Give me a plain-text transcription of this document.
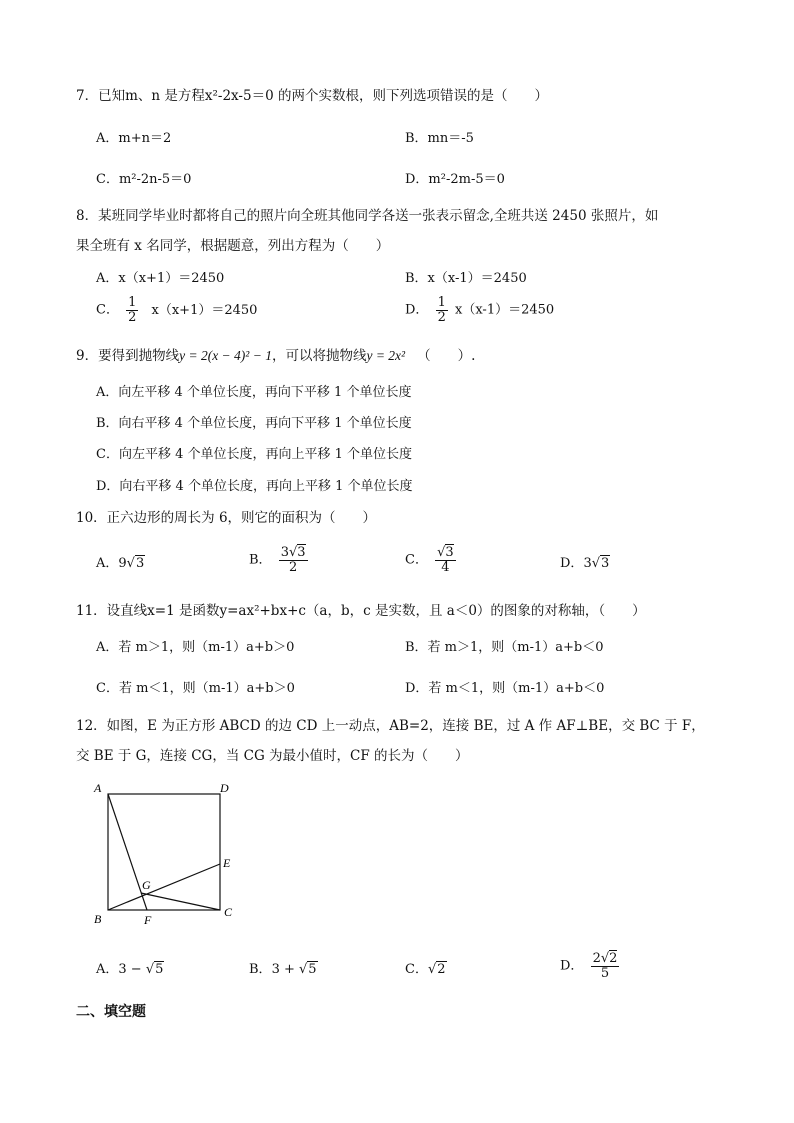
7．已知m、n 是方程x²-2x-5＝0 的两个实数根，则下列选项错误的是（　　）
A．m+n＝2	B．mn＝-5
C．m²-2n-5＝0	D．m²-2m-5＝0
8．某班同学毕业时都将自己的照片向全班其他同学各送一张表示留念,全班共送 2450 张照片，如
果全班有 x 名同学，根据题意，列出方程为（　　）
A．x（x+1）＝2450	B．x（x-1）＝2450
C． $\frac{1}{2} x(x+1)=2450$	D． $\frac{1}{2} x(x-1)=2450$
9．要得到抛物线y = 2(x − 4)² − 1，可以将抛物线y = 2x² （　　）.
A．向左平移 4 个单位长度，再向下平移 1 个单位长度
B．向右平移 4 个单位长度，再向下平移 1 个单位长度
C．向左平移 4 个单位长度，再向上平移 1 个单位长度
D．向右平移 4 个单位长度，再向上平移 1 个单位长度
10．正六边形的周长为 6，则它的面积为（　　）
A．9√3	B． $\frac{3√3}{2}$	C． $\frac{√3}{4}$	D．3√3
11．设直线x=1 是函数y=ax²+bx+c（a，b，c 是实数，且 a＜0）的图象的对称轴，（　　）
A．若 m＞1，则（m-1）a+b＞0	B．若 m＞1，则（m-1）a+b＜0
C．若 m＜1，则（m-1）a+b＞0	D．若 m＜1，则（m-1）a+b＜0
12．如图，E 为正方形 ABCD 的边 CD 上一动点，AB=2，连接 BE，过 A 作 AF⊥BE，交 BC 于 F，
交 BE 于 G，连接 CG，当 CG 为最小值时，CF 的长为（　　）
A	D
E
G
B	F
C
A．3 − √5	B．3 + √5	C．√2	D． $\frac{2√2}{5}$
二、填空题
